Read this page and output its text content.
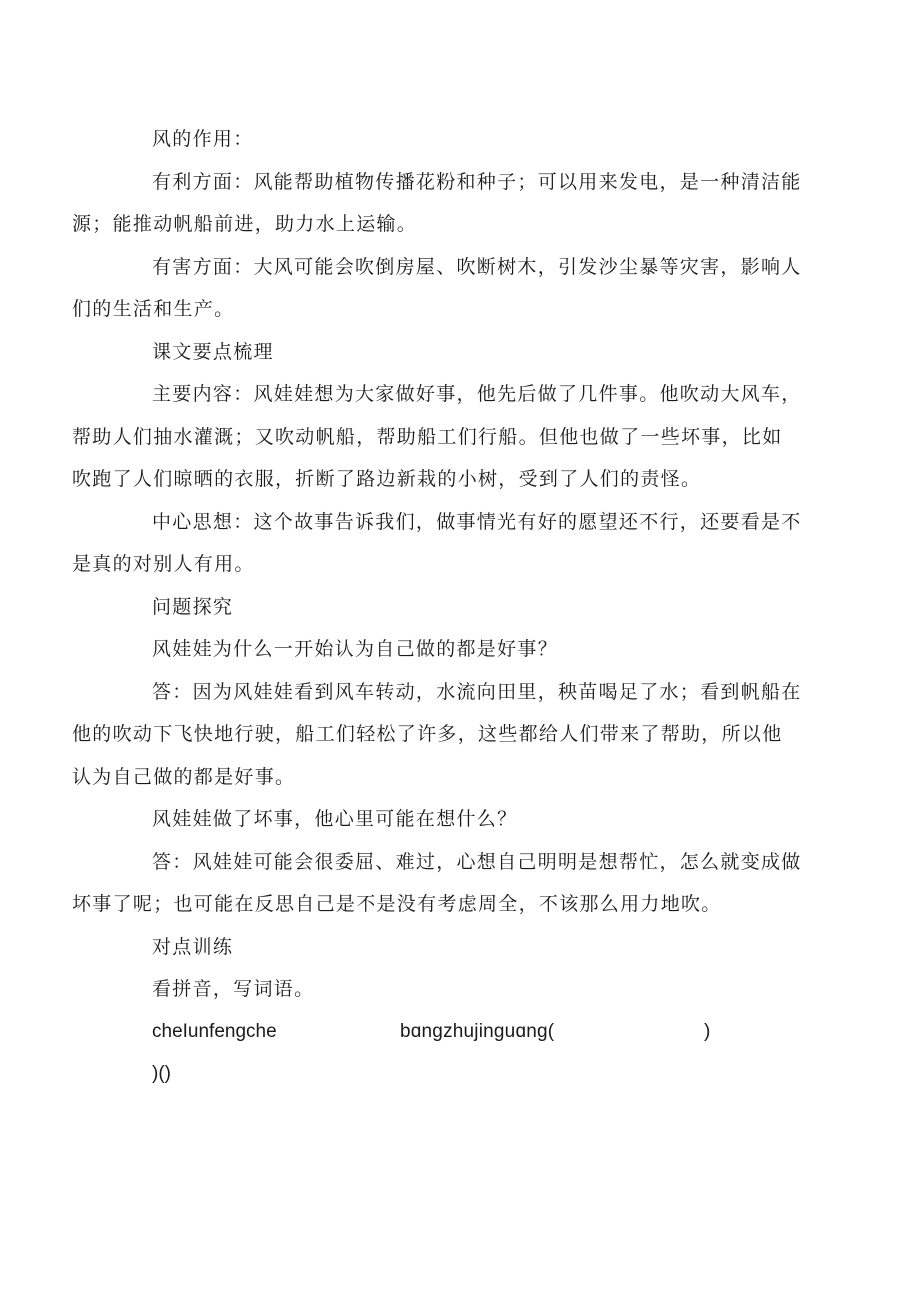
风的作用：

有利方面：风能帮助植物传播花粉和种子；可以用来发电，是一种清洁能
源；能推动帆船前进，助力水上运输。

有害方面：大风可能会吹倒房屋、吹断树木，引发沙尘暴等灾害，影响人
们的生活和生产。

课文要点梳理

主要内容：风娃娃想为大家做好事，他先后做了几件事。他吹动大风车，
帮助人们抽水灌溉；又吹动帆船，帮助船工们行船。但他也做了一些坏事，比如
吹跑了人们晾晒的衣服，折断了路边新栽的小树，受到了人们的责怪。

中心思想：这个故事告诉我们，做事情光有好的愿望还不行，还要看是不
是真的对别人有用。

问题探究

风娃娃为什么一开始认为自己做的都是好事？

答：因为风娃娃看到风车转动，水流向田里，秧苗喝足了水；看到帆船在
他的吹动下飞快地行驶，船工们轻松了许多，这些都给人们带来了帮助，所以他
认为自己做的都是好事。

风娃娃做了坏事，他心里可能在想什么？

答：风娃娃可能会很委屈、难过，心想自己明明是想帮忙，怎么就变成做
坏事了呢；也可能在反思自己是不是没有考虑周全，不该那么用力地吹。

对点训练

看拼音，写词语。

cheIunfengche	bɑngzhujinguɑng(	)
)()
